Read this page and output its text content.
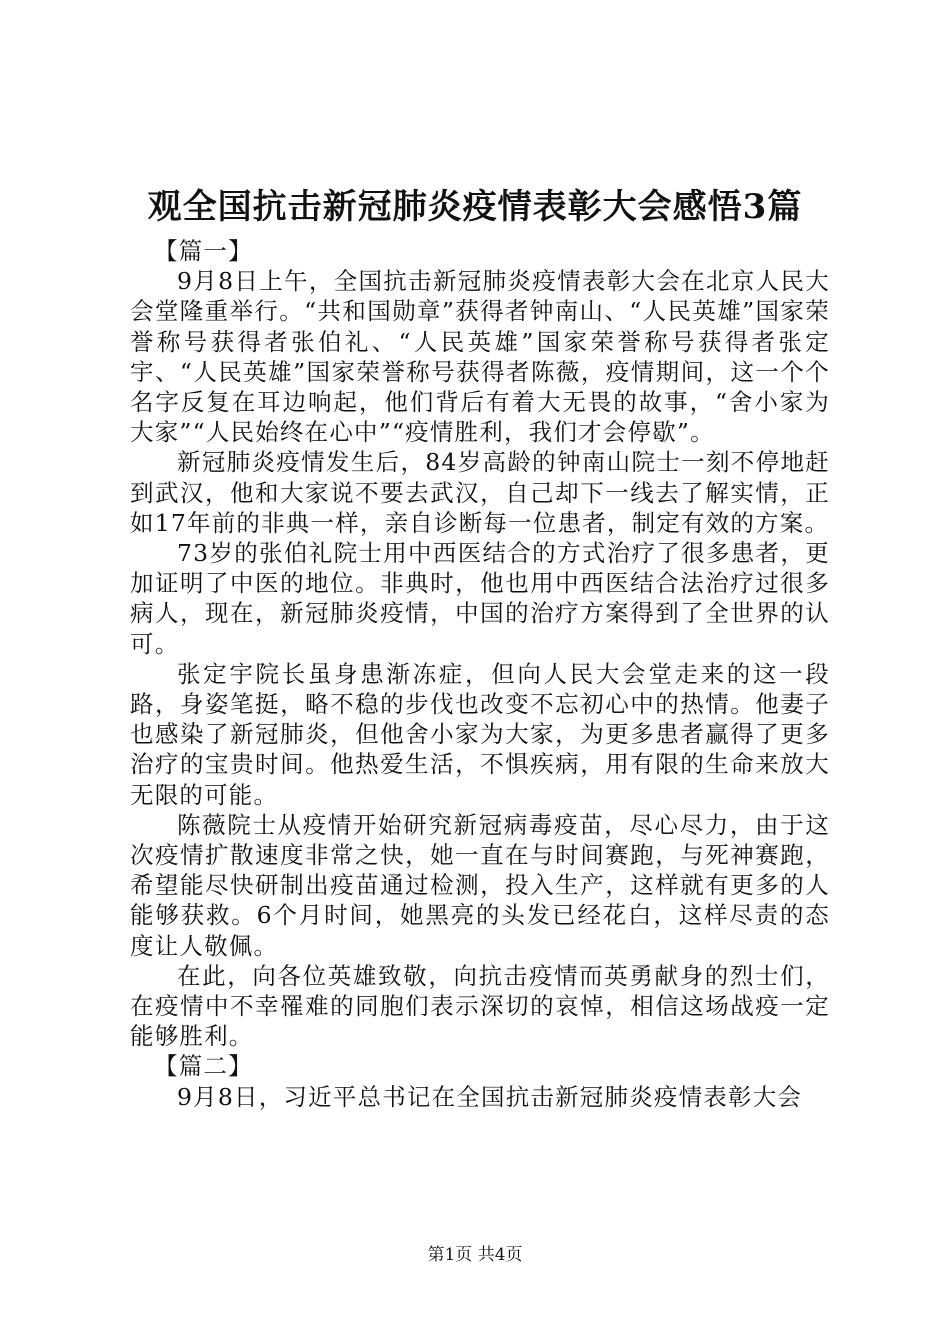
观全国抗击新冠肺炎疫情表彰大会感悟3篇

【篇一】

9月8日上午，全国抗击新冠肺炎疫情表彰大会在北京人民大会堂隆重举行。“共和国勋章”获得者钟南山、“人民英雄”国家荣誉称号获得者张伯礼、“人民英雄”国家荣誉称号获得者张定宇、“人民英雄”国家荣誉称号获得者陈薇，疫情期间，这一个个名字反复在耳边响起，他们背后有着大无畏的故事，“舍小家为大家”“人民始终在心中”“疫情胜利，我们才会停歇”。

新冠肺炎疫情发生后，84岁高龄的钟南山院士一刻不停地赶到武汉，他和大家说不要去武汉，自己却下一线去了解实情，正如17年前的非典一样，亲自诊断每一位患者，制定有效的方案。

73岁的张伯礼院士用中西医结合的方式治疗了很多患者，更加证明了中医的地位。非典时，他也用中西医结合法治疗过很多病人，现在，新冠肺炎疫情，中国的治疗方案得到了全世界的认可。

张定宇院长虽身患渐冻症，但向人民大会堂走来的这一段路，身姿笔挺，略不稳的步伐也改变不忘初心中的热情。他妻子也感染了新冠肺炎，但他舍小家为大家，为更多患者赢得了更多治疗的宝贵时间。他热爱生活，不惧疾病，用有限的生命来放大无限的可能。

陈薇院士从疫情开始研究新冠病毒疫苗，尽心尽力，由于这次疫情扩散速度非常之快，她一直在与时间赛跑，与死神赛跑，希望能尽快研制出疫苗通过检测，投入生产，这样就有更多的人能够获救。6个月时间，她黑亮的头发已经花白，这样尽责的态度让人敬佩。

在此，向各位英雄致敬，向抗击疫情而英勇献身的烈士们，在疫情中不幸罹难的同胞们表示深切的哀悼，相信这场战疫一定能够胜利。

【篇二】

9月8日，习近平总书记在全国抗击新冠肺炎疫情表彰大会

第1页 共4页
